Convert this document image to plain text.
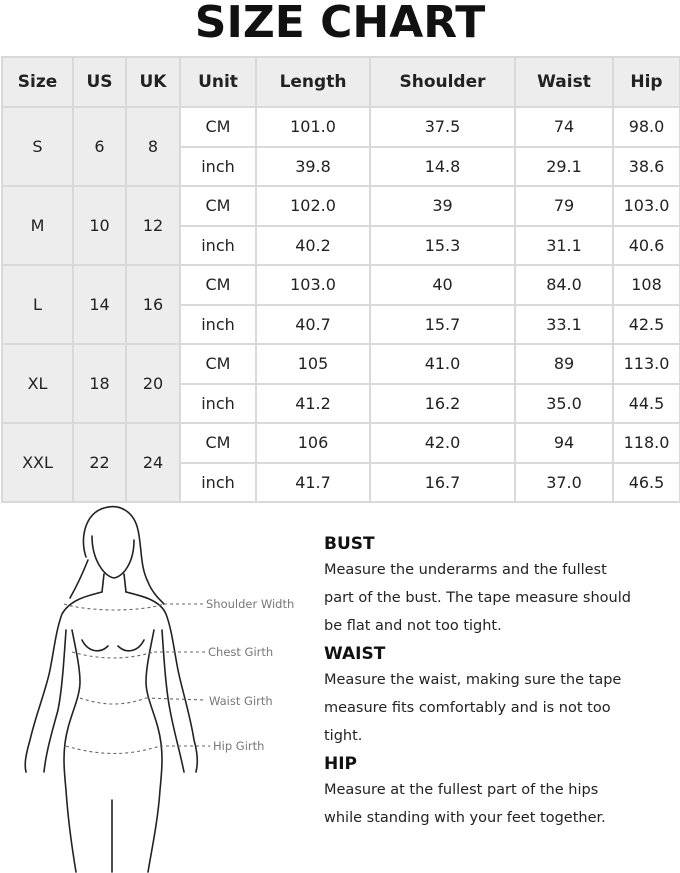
SIZE CHART
Size	US	UK	Unit	Length	Shoulder	Waist	Hip
S	6	8	CM	101.0	37.5	74	98.0
			inch	39.8	14.8	29.1	38.6
M	10	12	CM	102.0	39	79	103.0
			inch	40.2	15.3	31.1	40.6
L	14	16	CM	103.0	40	84.0	108
			inch	40.7	15.7	33.1	42.5
XL	18	20	CM	105	41.0	89	113.0
			inch	41.2	16.2	35.0	44.5
XXL	22	24	CM	106	42.0	94	118.0
			inch	41.7	16.7	37.0	46.5
Shoulder Width
Chest Girth
Waist Girth
Hip Girth
BUST

Measure the underarms and the fullest
part of the bust. The tape measure should
be flat and not too tight.

WAIST

Measure the waist, making sure the tape
measure fits comfortably and is not too
tight.

HIP

Measure at the fullest part of the hips
while standing with your feet together.
